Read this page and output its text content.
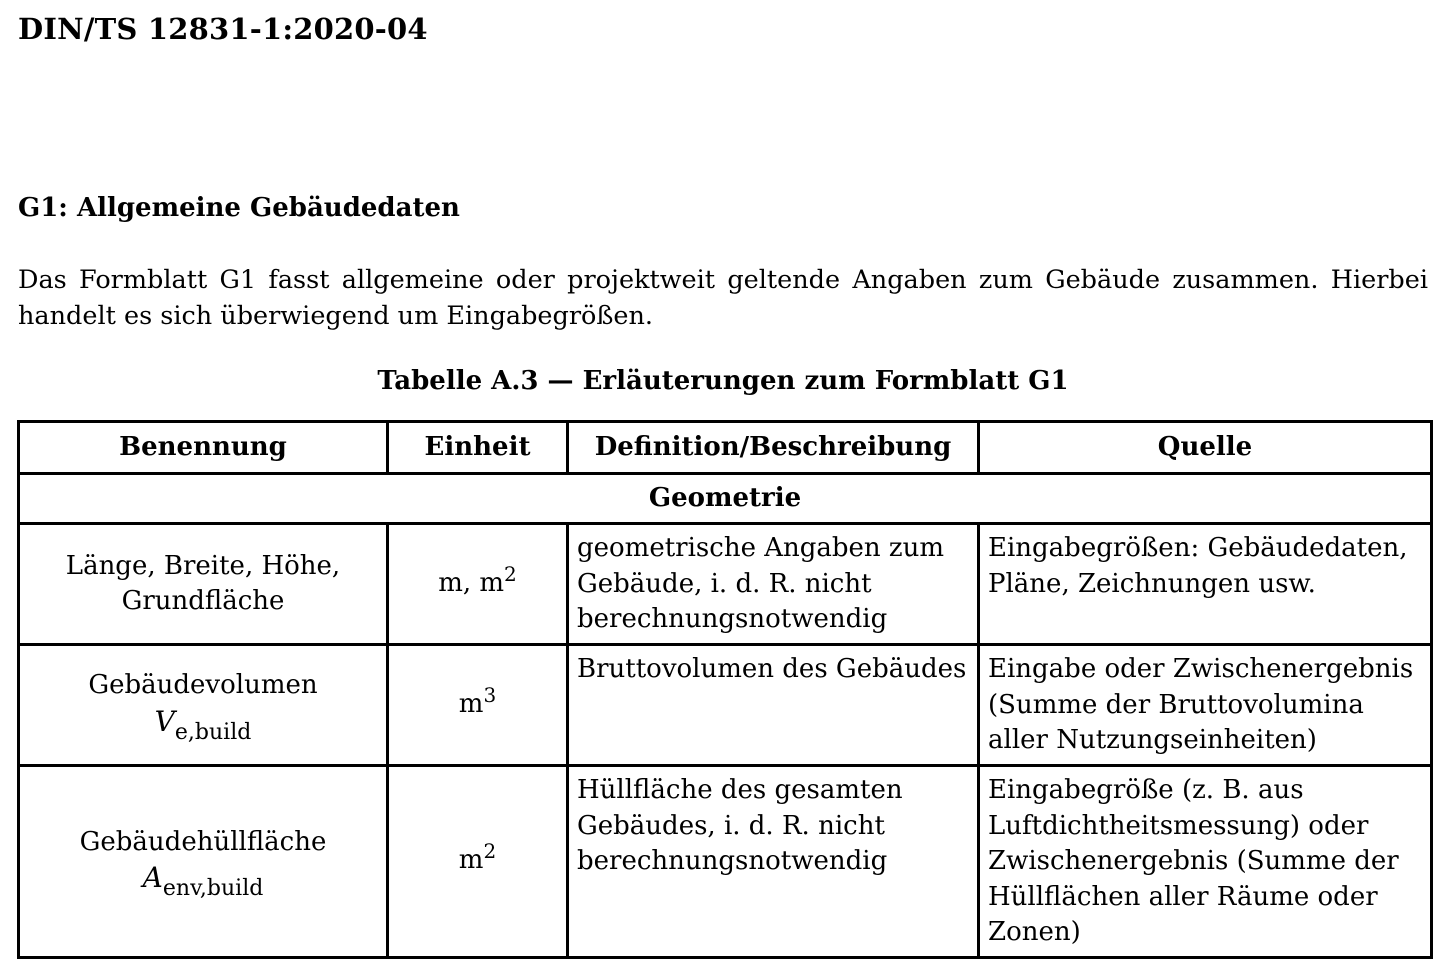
DIN/TS 12831-1:2020-04
G1: Allgemeine Gebäudedaten
Das Formblatt G1 fasst allgemeine oder projektweit geltende Angaben zum Gebäude zusammen. Hierbei handelt es sich überwiegend um Eingabegrößen.
Tabelle A.3 — Erläuterungen zum Formblatt G1
Benennung	Einheit	Definition/Beschreibung	Quelle
Geometrie			

Länge, Breite, Höhe,
Grundfläche	m, $m^2$	geometrische Angaben zum Gebäude, i. d. R. nicht berechnungsnotwendig	Eingabegrößen: Gebäudedaten, Pläne, Zeichnungen usw.

Gebäudevolumen
$V_{e,build}$	$m^3$	Bruttovolumen des Gebäudes	Eingabe oder Zwischenergebnis (Summe der Bruttovolumina aller Nutzungseinheiten)

Gebäudehüllfläche
$A_{env,build}$	$m^2$	Hüllfläche des gesamten Gebäudes, i. d. R. nicht berechnungsnotwendig	Eingabegröße (z. B. aus Luftdichtheitsmessung) oder Zwischenergebnis (Summe der Hüllflächen aller Räume oder Zonen)
